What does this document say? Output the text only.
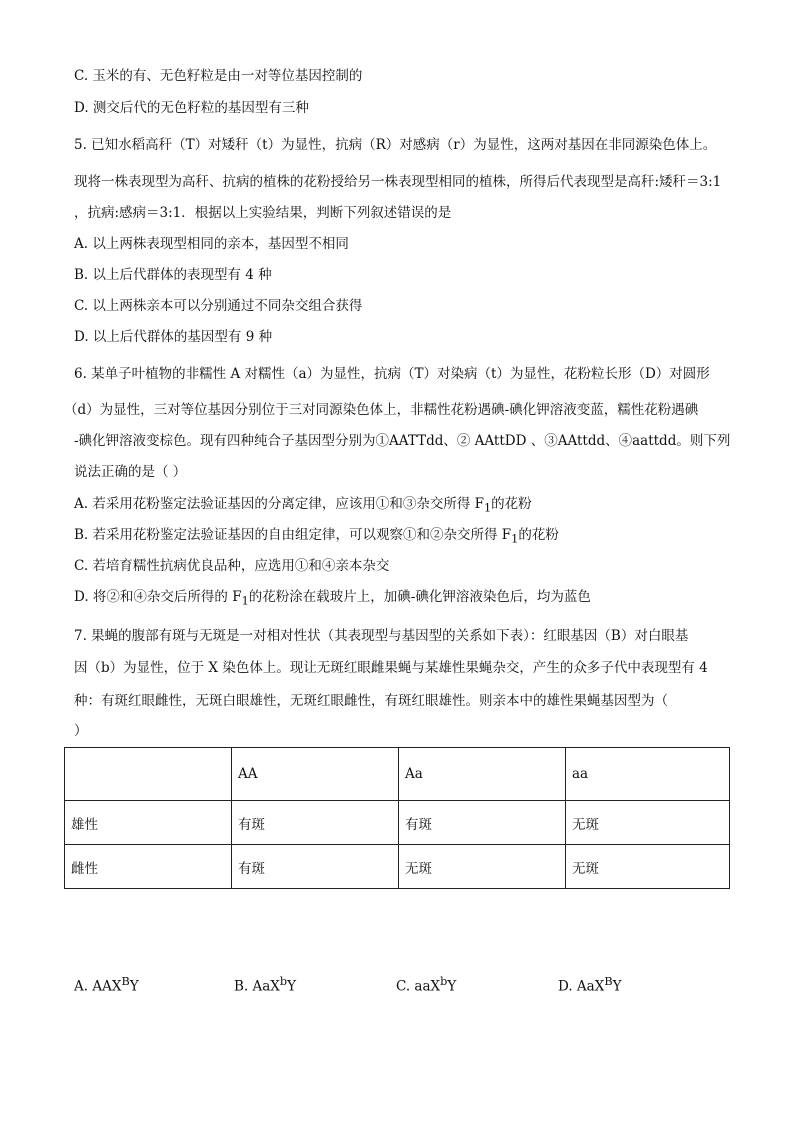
C. 玉米的有、无色籽粒是由一对等位基因控制的
D. 测交后代的无色籽粒的基因型有三种
5. 已知水稻高秆（T）对矮秆（t）为显性，抗病（R）对感病（r）为显性，这两对基因在非同源染色体上。
现将一株表现型为高秆、抗病的植株的花粉授给另一株表现型相同的植株，所得后代表现型是高秆:矮秆＝3:1
，抗病:感病＝3:1．根据以上实验结果，判断下列叙述错误的是
A. 以上两株表现型相同的亲本，基因型不相同
B. 以上后代群体的表现型有 4 种
C. 以上两株亲本可以分别通过不同杂交组合获得
D. 以上后代群体的基因型有 9 种
6. 某单子叶植物的非糯性 A 对糯性（a）为显性，抗病（T）对染病（t）为显性，花粉粒长形（D）对圆形
（d）为显性，三对等位基因分别位于三对同源染色体上，非糯性花粉遇碘-碘化钾溶液变蓝，糯性花粉遇碘
-碘化钾溶液变棕色。现有四种纯合子基因型分别为①AATTdd、② AAttDD 、③AAttdd、④aattdd。则下列
说法正确的是（ ）
A. 若采用花粉鉴定法验证基因的分离定律，应该用①和③杂交所得 $F_1$的花粉
B. 若采用花粉鉴定法验证基因的自由组定律，可以观察①和②杂交所得 $F_1$的花粉
C. 若培育糯性抗病优良品种，应选用①和④亲本杂交
D. 将②和④杂交后所得的 $F_1$的花粉涂在载玻片上，加碘-碘化钾溶液染色后，均为蓝色
7. 果蝇的腹部有斑与无斑是一对相对性状（其表现型与基因型的关系如下表）：红眼基因（B）对白眼基
因（b）为显性，位于 X 染色体上。现让无斑红眼雌果蝇与某雄性果蝇杂交，产生的众多子代中表现型有 4
种：有斑红眼雌性，无斑白眼雄性，无斑红眼雌性，有斑红眼雄性。则亲本中的雄性果蝇基因型为（
）
	AA	Aa	aa
雄性	有斑	有斑	无斑
雌性	有斑	无斑	无斑
A. $AAX^BY$	B. AaX$^b$Y	C. aaX$^b$Y	D. AaX$^B$Y
